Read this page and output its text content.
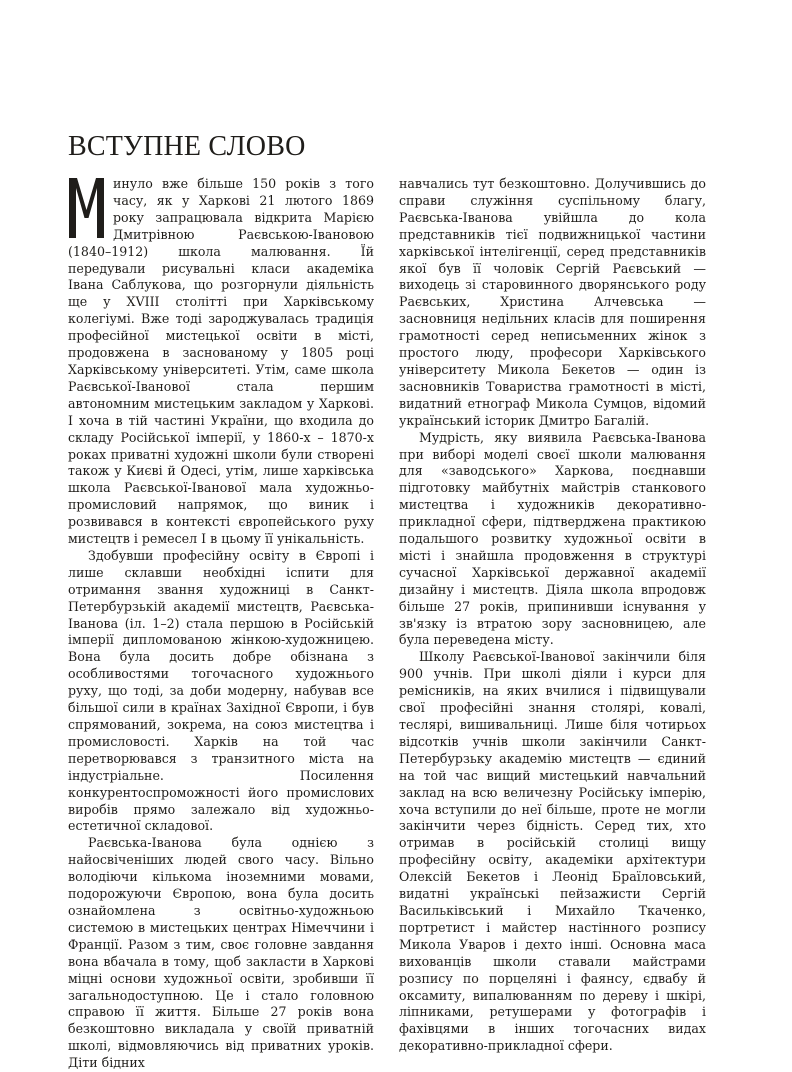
ВСТУПНЕ СЛОВО

инуло вже більше 150 років з того часу, як у Харкові 21 лютого 1869 року запрацювала відкрита Марією Дмитрівною Раєвською-Івановою (1840–1912) школа малювання. Їй передували рисувальні класи академіка Івана Саблукова, що розгорнули діяльність ще у XVIII столітті при Харківському колегіумі. Вже тоді зароджувалась традиція професійної мистецької освіти в місті, продовжена в заснованому у 1805 році Харківському університеті. Утім, саме школа Раєвської-Іванової стала першим автономним мистецьким закладом у Харкові. І хоча в тій частині України, що входила до складу Російської імперії, у 1860-х – 1870-х роках приватні художні школи були створені також у Києві й Одесі, утім, лише харківська школа Раєвської-Іванової мала художньо-промисловий напрямок, що виник і розвивався в контексті європейського руху мистецтв і ремесел І в цьому її унікальність.

Здобувши професійну освіту в Європі і лише склавши необхідні іспити для отримання звання художниці в Санкт-Петербурзькій академії мистецтв, Раєвська-Іванова (іл. 1–2) стала першою в Російській імперії дипломованою жінкою-художницею. Вона була досить добре обізнана з особливостями тогочасного художнього руху, що тоді, за доби модерну, набував все більшої сили в країнах Західної Європи, і був спрямований, зокрема, на союз мистецтва і промисловості. Харків на той час перетворювався з транзитного міста на індустріальне. Посилення конкурентоспроможності його промислових виробів прямо залежало від художньо-естетичної складової.

Раєвська-Іванова була однією з найосвіченіших людей свого часу. Вільно володіючи кількома іноземними мовами, подорожуючи Європою, вона була досить ознайомлена з освітньо-художньою системою в мистецьких центрах Німеччини і Франції. Разом з тим, своє головне завдання вона вбачала в тому, щоб закласти в Харкові міцні основи художньої освіти, зробивши її загальнодоступною. Це і стало головною справою її життя. Більше 27 років вона безкоштовно викладала у своїй приватній школі, відмовляючись від приватних уроків. Діти бідних

навчались тут безкоштовно. Долучившись до справи служіння суспільному благу, Раєвська-Іванова увійшла до кола представників тієї подвижницької частини харківської інтелігенції, серед представників якої був її чоловік Сергій Раєвський — виходець зі старовинного дворянського роду Раєвських, Христина Алчевська — засновниця недільних класів для поширення грамотності серед неписьменних жінок з простого люду, професори Харківського університету Микола Бекетов — один із засновників Товариства грамотності в місті, видатний етнограф Микола Сумцов, відомий український історик Дмитро Багалій.

Мудрість, яку виявила Раєвська-Іванова при виборі моделі своєї школи малювання для «заводського» Харкова, поєднавши підготовку майбутніх майстрів станкового мистецтва і художників декоративно-прикладної сфери, підтверджена практикою подальшого розвитку художньої освіти в місті і знайшла продовження в структурі сучасної Харківської державної академії дизайну і мистецтв. Діяла школа впродовж більше 27 років, припинивши існування у зв'язку із втратою зору засновницею, але була переведена місту.

Школу Раєвської-Іванової закінчили біля 900 учнів. При школі діяли і курси для ремісників, на яких вчилися і підвищували свої професійні знання столярі, ковалі, теслярі, вишивальниці. Лише біля чотирьох відсотків учнів школи закінчили Санкт-Петербурзьку академію мистецтв — єдиний на той час вищий мистецький навчальний заклад на всю величезну Російську імперію, хоча вступили до неї більше, проте не могли закінчити через бідність. Серед тих, хто отримав в російській столиці вищу професійну освіту, академіки архітектури Олексій Бекетов і Леонід Браїловський, видатні українські пейзажисти Сергій Васильківський і Михайло Ткаченко, портретист і майстер настінного розпису Микола Уваров і дехто інші. Основна маса вихованців школи ставали майстрами розпису по порцеляні і фаянсу, єдвабу й оксамиту, випалюванням по дереву і шкірі, ліпниками, ретушерами у фотографів і фахівцями в інших тогочасних видах декоративно-прикладної сфери.
